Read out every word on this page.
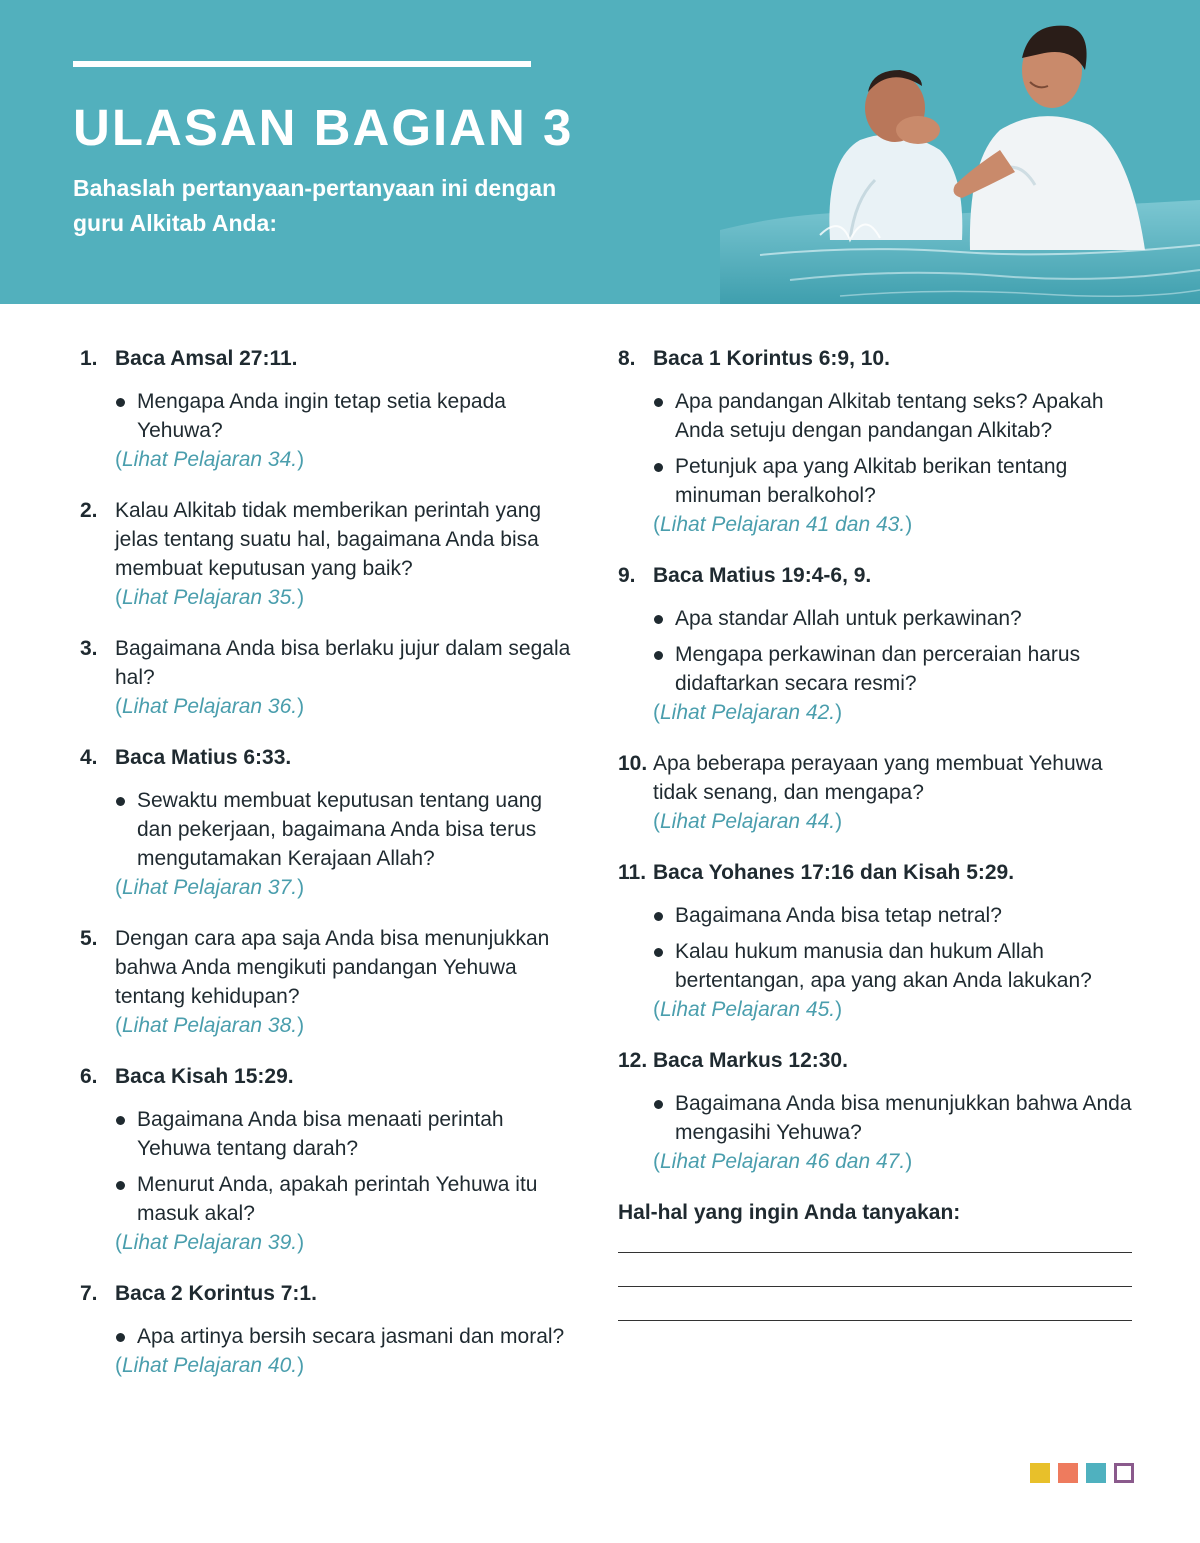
ULASAN BAGIAN 3

Bahaslah pertanyaan-pertanyaan ini dengan guru Alkitab Anda:

1. Baca Amsal 27:11.

Mengapa Anda ingin tetap setia kepada Yehuwa?
(Lihat Pelajaran 34.)
2. Kalau Alkitab tidak memberikan perintah yang jelas tentang suatu hal, bagaimana Anda bisa membuat keputusan yang baik?

(Lihat Pelajaran 35.)
3. Bagaimana Anda bisa berlaku jujur dalam segala hal?

(Lihat Pelajaran 36.)
4. Baca Matius 6:33.

Sewaktu membuat keputusan tentang uang dan pekerjaan, bagaimana Anda bisa terus mengutamakan Kerajaan Allah?
(Lihat Pelajaran 37.)
5. Dengan cara apa saja Anda bisa menunjukkan bahwa Anda mengikuti pandangan Yehuwa tentang kehidupan?

(Lihat Pelajaran 38.)
6. Baca Kisah 15:29.

Bagaimana Anda bisa menaati perintah Yehuwa tentang darah?
Menurut Anda, apakah perintah Yehuwa itu masuk akal?
(Lihat Pelajaran 39.)
7. Baca 2 Korintus 7:1.

Apa artinya bersih secara jasmani dan moral?
(Lihat Pelajaran 40.)
8. Baca 1 Korintus 6:9, 10.

Apa pandangan Alkitab tentang seks? Apakah Anda setuju dengan pandangan Alkitab?
Petunjuk apa yang Alkitab berikan tentang minuman beralkohol?
(Lihat Pelajaran 41 dan 43.)
9. Baca Matius 19:4-6, 9.

Apa standar Allah untuk perkawinan?
Mengapa perkawinan dan perceraian harus didaftarkan secara resmi?
(Lihat Pelajaran 42.)
10. Apa beberapa perayaan yang membuat Yehuwa tidak senang, dan mengapa?

(Lihat Pelajaran 44.)
11. Baca Yohanes 17:16 dan Kisah 5:29.

Bagaimana Anda bisa tetap netral?
Kalau hukum manusia dan hukum Allah bertentangan, apa yang akan Anda lakukan?
(Lihat Pelajaran 45.)
12. Baca Markus 12:30.

Bagaimana Anda bisa menunjukkan bahwa Anda mengasihi Yehuwa?
(Lihat Pelajaran 46 dan 47.)

Hal-hal yang ingin Anda tanyakan:
